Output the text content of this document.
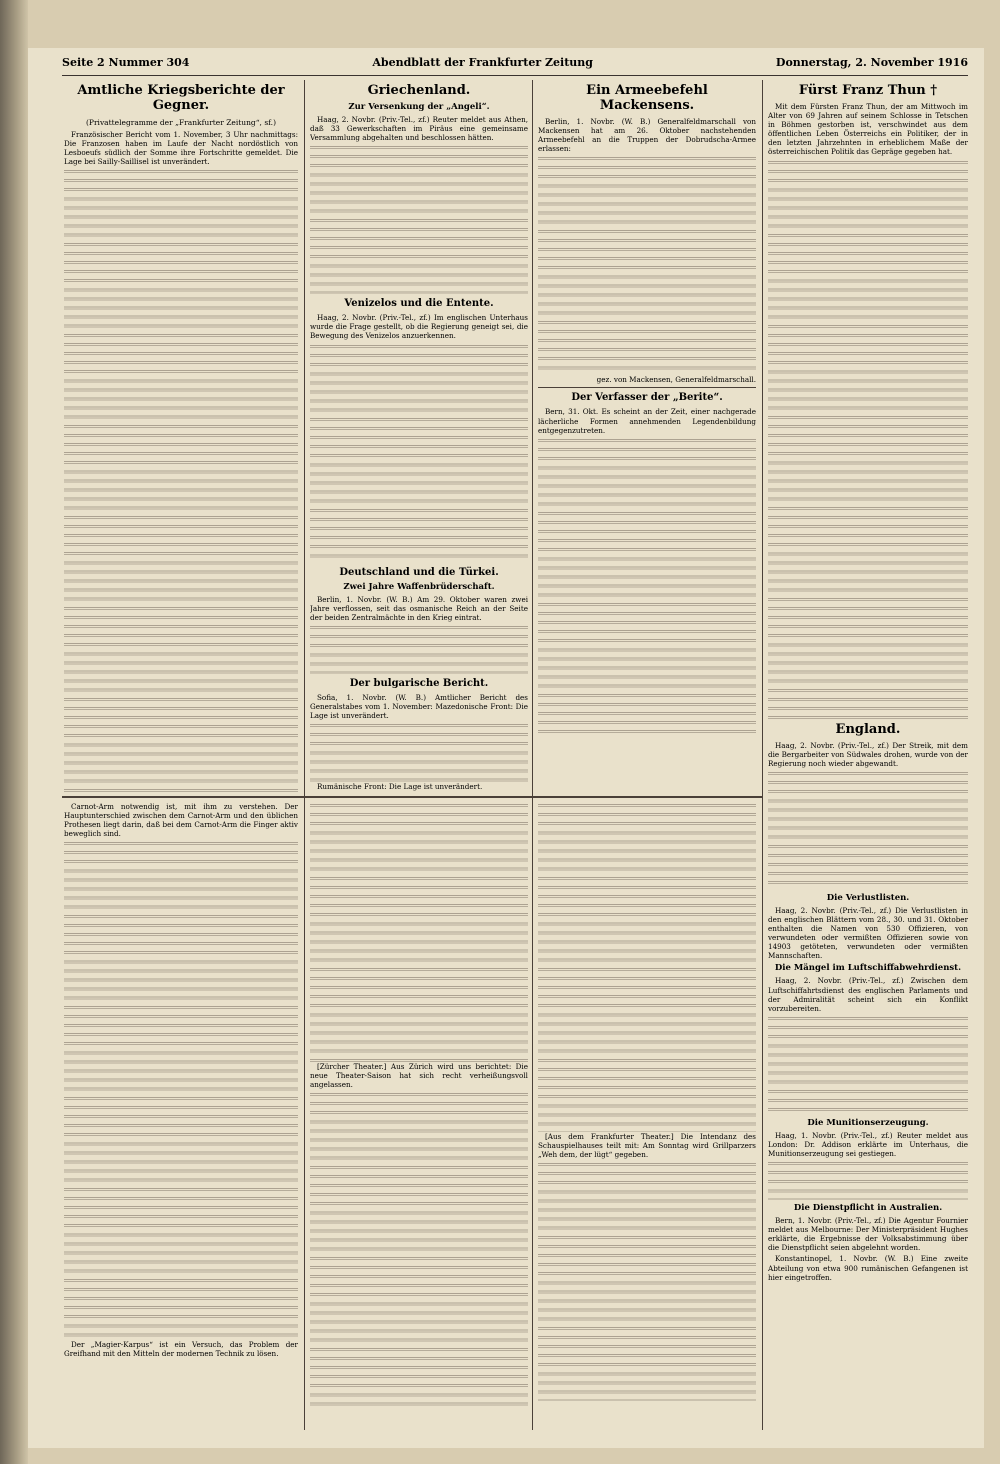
Seite 2 Nummer 304	Abendblatt der Frankfurter Zeitung	Donnerstag, 2. November 1916
Amtliche Kriegsberichte der Gegner.
(Privattelegramme der „Frankfurter Zeitung“, sf.)

Französischer Bericht vom 1. November, 3 Uhr nachmittags: Die Franzosen haben im Laufe der Nacht nordöstlich von Lesboeufs südlich der Somme ihre Fortschritte gemeldet. Die Lage bei Sailly-Saillisel ist unverändert.

Griechenland.
Zur Versenkung der „Angeli“.

Haag, 2. Novbr. (Priv.-Tel., zf.) Reuter meldet aus Athen, daß 33 Gewerkschaften im Piräus eine gemeinsame Versammlung abgehalten und beschlossen hätten.

Venizelos und die Entente.

Haag, 2. Novbr. (Priv.-Tel., zf.) Im englischen Unterhaus wurde die Frage gestellt, ob die Regierung geneigt sei, die Bewegung des Venizelos anzuerkennen.

Deutschland und die Türkei.
Zwei Jahre Waffenbrüderschaft.

Berlin, 1. Novbr. (W. B.) Am 29. Oktober waren zwei Jahre verflossen, seit das osmanische Reich an der Seite der beiden Zentralmächte in den Krieg eintrat.

Der bulgarische Bericht.

Sofia, 1. Novbr. (W. B.) Amtlicher Bericht des Generalstabes vom 1. November: Mazedonische Front: Die Lage ist unverändert.

Rumänische Front: Die Lage ist unverändert.

Ein Armeebefehl Mackensens.

Berlin, 1. Novbr. (W. B.) Generalfeldmarschall von Mackensen hat am 26. Oktober nachstehenden Armeebefehl an die Truppen der Dobrudscha-Armee erlassen:

gez. von Mackensen, Generalfeldmarschall.

Der Verfasser der „Berite“.

Bern, 31. Okt. Es scheint an der Zeit, einer nachgerade lächerliche Formen annehmenden Legendenbildung entgegenzutreten.

Fürst Franz Thun †

Mit dem Fürsten Franz Thun, der am Mittwoch im Alter von 69 Jahren auf seinem Schlosse in Tetschen in Böhmen gestorben ist, verschwindet aus dem öffentlichen Leben Österreichs ein Politiker, der in den letzten Jahrzehnten in erheblichem Maße der österreichischen Politik das Gepräge gegeben hat.

England.

Haag, 2. Novbr. (Priv.-Tel., zf.) Der Streik, mit dem die Bergarbeiter von Südwales drohen, wurde von der Regierung noch wieder abgewandt.

Die Verlustlisten.

Haag, 2. Novbr. (Priv.-Tel., zf.) Die Verlustlisten in den englischen Blättern vom 28., 30. und 31. Oktober enthalten die Namen von 530 Offizieren, von verwundeten oder vermißten Offizieren sowie von 14903 getöteten, verwundeten oder vermißten Mannschaften.

Die Mängel im Luftschiffabwehrdienst.

Haag, 2. Novbr. (Priv.-Tel., zf.) Zwischen dem Luftschiffahrtsdienst des englischen Parlaments und der Admiralität scheint sich ein Konflikt vorzubereiten.

Die Munitionserzeugung.

Haag, 1. Novbr. (Priv.-Tel., zf.) Reuter meldet aus London: Dr. Addison erklärte im Unterhaus, die Munitionserzeugung sei gestiegen.

Die Dienstpflicht in Australien.

Bern, 1. Novbr. (Priv.-Tel., zf.) Die Agentur Fournier meldet aus Melbourne: Der Ministerpräsident Hughes erklärte, die Ergebnisse der Volksabstimmung über die Dienstpflicht seien abgelehnt worden.

Konstantinopel, 1. Novbr. (W. B.) Eine zweite Abteilung von etwa 900 rumänischen Gefangenen ist hier eingetroffen.

Carnot-Arm notwendig ist, mit ihm zu verstehen. Der Hauptunterschied zwischen dem Carnot-Arm und den üblichen Prothesen liegt darin, daß bei dem Carnot-Arm die Finger aktiv beweglich sind.

Der „Magier-Karpus“ ist ein Versuch, das Problem der Greifhand mit den Mitteln der modernen Technik zu lösen.

[Zürcher Theater.] Aus Zürich wird uns berichtet: Die neue Theater-Saison hat sich recht verheißungsvoll angelassen.

[Aus dem Frankfurter Theater.] Die Intendanz des Schauspielhauses teilt mit: Am Sonntag wird Grillparzers „Weh dem, der lügt“ gegeben.
